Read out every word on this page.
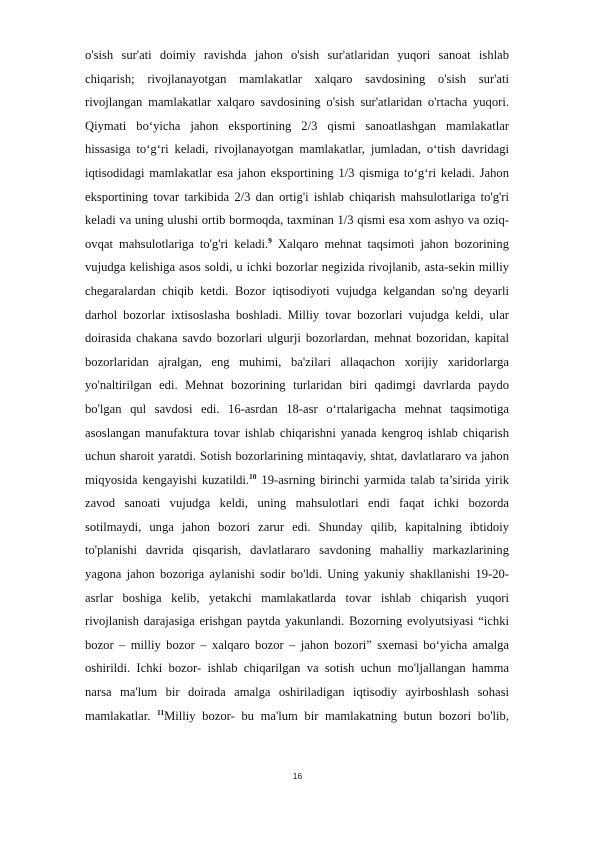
o'sish sur'ati doimiy ravishda jahon o'sish sur'atlaridan yuqori sanoat ishlab chiqarish; rivojlanayotgan mamlakatlar xalqaro savdosining o'sish sur'ati rivojlangan mamlakatlar xalqaro savdosining o'sish sur'atlaridan o'rtacha yuqori. Qiymati bo‘yicha jahon eksportining 2/3 qismi sanoatlashgan mamlakatlar hissasiga to‘g‘ri keladi, rivojlanayotgan mamlakatlar, jumladan, o‘tish davridagi iqtisodidagi mamlakatlar esa jahon eksportining 1/3 qismiga to‘g‘ri keladi. Jahon eksportining tovar tarkibida 2/3 dan ortig'i ishlab chiqarish mahsulotlariga to'g'ri keladi va uning ulushi ortib bormoqda, taxminan 1/3 qismi esa xom ashyo va oziq-ovqat mahsulotlariga to'g'ri keladi.$^9$ Xalqaro mehnat taqsimoti jahon bozorining vujudga kelishiga asos soldi, u ichki bozorlar negizida rivojlanib, asta-sekin milliy chegaralardan chiqib ketdi. Bozor iqtisodiyoti vujudga kelgandan so'ng deyarli darhol bozorlar ixtisoslasha boshladi. Milliy tovar bozorlari vujudga keldi, ular doirasida chakana savdo bozorlari ulgurji bozorlardan, mehnat bozoridan, kapital bozorlaridan ajralgan, eng muhimi, ba'zilari allaqachon xorijiy xaridorlarga yo'naltirilgan edi. Mehnat bozorining turlaridan biri qadimgi davrlarda paydo bo'lgan qul savdosi edi. 16-asrdan 18-asr o‘rtalarigacha mehnat taqsimotiga asoslangan manufaktura tovar ishlab chiqarishni yanada kengroq ishlab chiqarish uchun sharoit yaratdi. Sotish bozorlarining mintaqaviy, shtat, davlatlararo va jahon miqyosida kengayishi kuzatildi.$^{10}$ 19-asrning birinchi yarmida talab ta’sirida yirik zavod sanoati vujudga keldi, uning mahsulotlari endi faqat ichki bozorda sotilmaydi, unga jahon bozori zarur edi. Shunday qilib, kapitalning ibtidoiy to'planishi davrida qisqarish, davlatlararo savdoning mahalliy markazlarining yagona jahon bozoriga aylanishi sodir bo'ldi. Uning yakuniy shakllanishi 19-20-asrlar boshiga kelib, yetakchi mamlakatlarda tovar ishlab chiqarish yuqori rivojlanish darajasiga erishgan paytda yakunlandi. Bozorning evolyutsiyasi “ichki bozor – milliy bozor – xalqaro bozor – jahon bozori” sxemasi bo‘yicha amalga oshirildi. Ichki bozor- ishlab chiqarilgan va sotish uchun mo'ljallangan hamma narsa ma'lum bir doirada amalga oshiriladigan iqtisodiy ayirboshlash sohasi mamlakatlar. $^{11}$Milliy bozor- bu ma'lum bir mamlakatning butun bozori bo'lib,

16
